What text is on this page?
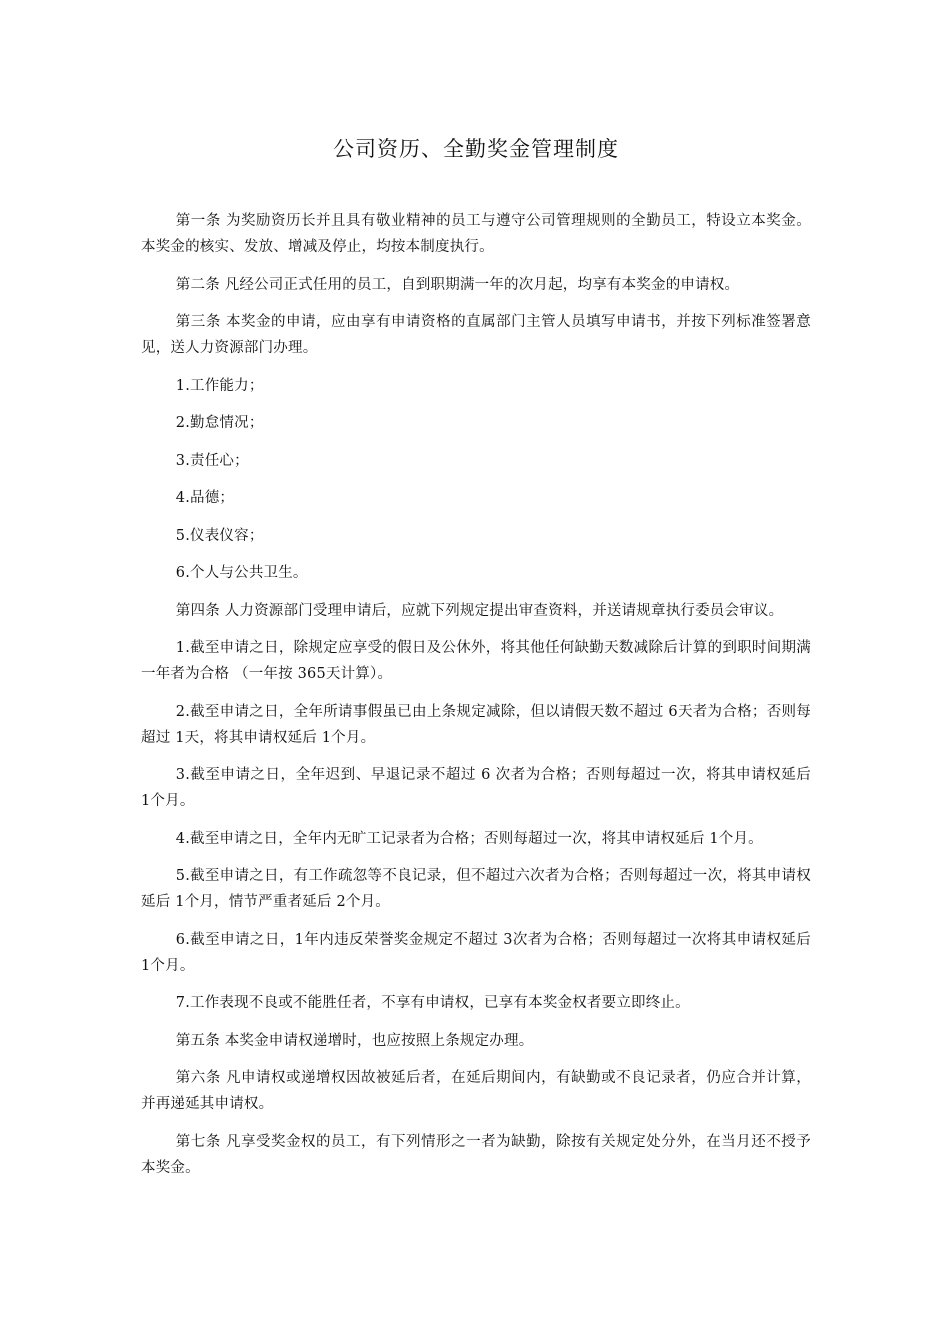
公司资历、全勤奖金管理制度

第一条 为奖励资历长并且具有敬业精神的员工与遵守公司管理规则的全勤员工，特设立本奖金。本奖金的核实、发放、增减及停止，均按本制度执行。

第二条 凡经公司正式任用的员工，自到职期满一年的次月起，均享有本奖金的申请权。

第三条 本奖金的申请，应由享有申请资格的直属部门主管人员填写申请书，并按下列标准签署意见，送人力资源部门办理。

1.工作能力；

2.勤怠情况；

3.责任心；

4.品德；

5.仪表仪容；

6.个人与公共卫生。

第四条 人力资源部门受理申请后，应就下列规定提出审查资料，并送请规章执行委员会审议。

1.截至申请之日，除规定应享受的假日及公休外，将其他任何缺勤天数减除后计算的到职时间期满一年者为合格 （一年按 365天计算）。

2.截至申请之日，全年所请事假虽已由上条规定减除，但以请假天数不超过 6天者为合格；否则每超过 1天，将其申请权延后 1个月。

3.截至申请之日，全年迟到、早退记录不超过 6 次者为合格；否则每超过一次，将其申请权延后 1个月。

4.截至申请之日，全年内无旷工记录者为合格；否则每超过一次，将其申请权延后 1个月。

5.截至申请之日，有工作疏忽等不良记录，但不超过六次者为合格；否则每超过一次，将其申请权延后 1个月，情节严重者延后 2个月。

6.截至申请之日，1年内违反荣誉奖金规定不超过 3次者为合格；否则每超过一次将其申请权延后 1个月。

7.工作表现不良或不能胜任者，不享有申请权，已享有本奖金权者要立即终止。

第五条 本奖金申请权递增时，也应按照上条规定办理。

第六条 凡申请权或递增权因故被延后者，在延后期间内，有缺勤或不良记录者，仍应合并计算，并再递延其申请权。

第七条 凡享受奖金权的员工，有下列情形之一者为缺勤，除按有关规定处分外，在当月还不授予本奖金。
